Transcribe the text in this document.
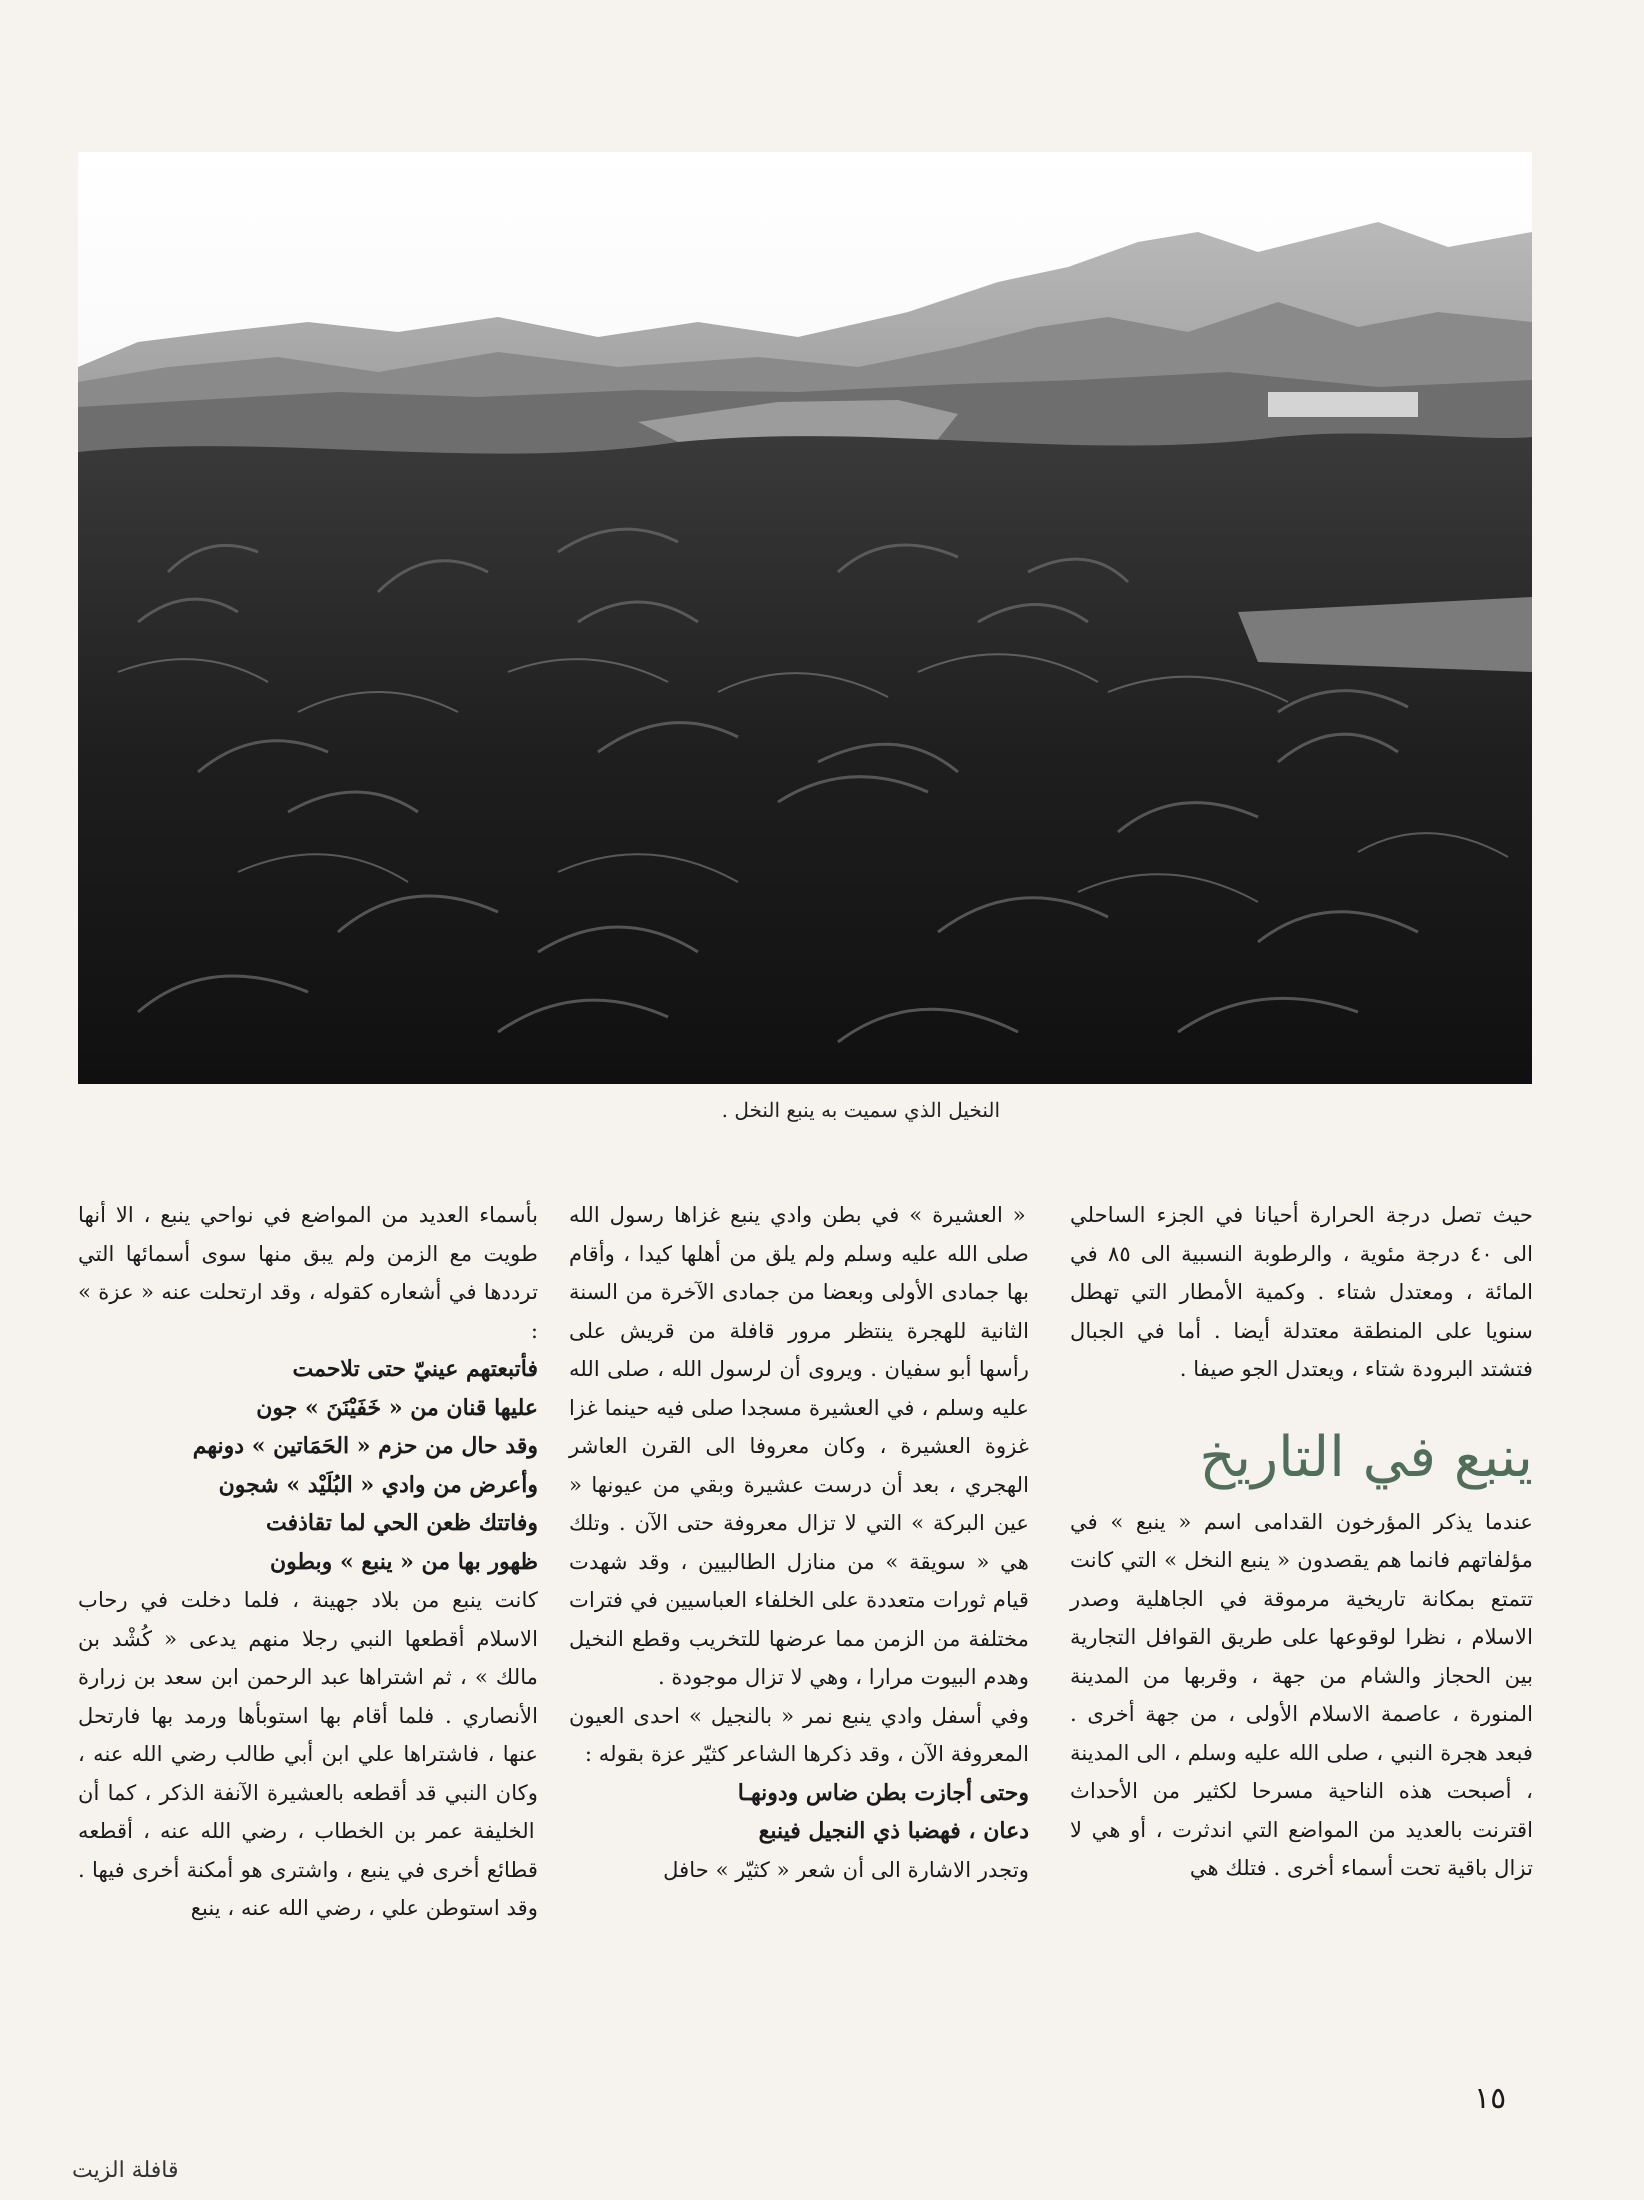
النخيل الذي سميت به ينبع النخل .

حيث تصل درجة الحرارة أحيانا في الجزء الساحلي الى ٤٠ درجة مئوية ، والرطوبة النسبية الى ٨٥ في المائة ، ومعتدل شتاء . وكمية الأمطار التي تهطل سنويا على المنطقة معتدلة أيضا . أما في الجبال فتشتد البرودة شتاء ، ويعتدل الجو صيفا .

ينبع في التاريخ

عندما يذكر المؤرخون القدامى اسم « ينبع » في مؤلفاتهم فانما هم يقصدون « ينبع النخل » التي كانت تتمتع بمكانة تاريخية مرموقة في الجاهلية وصدر الاسلام ، نظرا لوقوعها على طريق القوافل التجارية بين الحجاز والشام من جهة ، وقربها من المدينة المنورة ، عاصمة الاسلام الأولى ، من جهة أخرى . فبعد هجرة النبي ، صلى الله عليه وسلم ، الى المدينة ، أصبحت هذه الناحية مسرحا لكثير من الأحداث اقترنت بالعديد من المواضع التي اندثرت ، أو هي لا تزال باقية تحت أسماء أخرى . فتلك هي

« العشيرة » في بطن وادي ينبع غزاها رسول الله صلى الله عليه وسلم ولم يلق من أهلها كيدا ، وأقام بها جمادى الأولى وبعضا من جمادى الآخرة من السنة الثانية للهجرة ينتظر مرور قافلة من قريش على رأسها أبو سفيان . ويروى أن لرسول الله ، صلى الله عليه وسلم ، في العشيرة مسجدا صلى فيه حينما غزا غزوة العشيرة ، وكان معروفا الى القرن العاشر الهجري ، بعد أن درست عشيرة وبقي من عيونها « عين البركة » التي لا تزال معروفة حتى الآن . وتلك هي « سويقة » من منازل الطالبيين ، وقد شهدت قيام ثورات متعددة على الخلفاء العباسيين في فترات مختلفة من الزمن مما عرضها للتخريب وقطع النخيل وهدم البيوت مرارا ، وهي لا تزال موجودة .

وفي أسفل وادي ينبع نمر « بالنجيل » احدى العيون المعروفة الآن ، وقد ذكرها الشاعر كثيّر عزة بقوله :

وحتى أجازت بطن ضاس ودونهـا
دعان ، فهضبا ذي النجيل فينبع

وتجدر الاشارة الى أن شعر « كثيّر » حافل

بأسماء العديد من المواضع في نواحي ينبع ، الا أنها طويت مع الزمن ولم يبق منها سوى أسمائها التي ترددها في أشعاره كقوله ، وقد ارتحلت عنه « عزة » :

فأتبعتهم عينيّ حتى تلاحمت
عليها قنان من « خَفَيْنَنَ » جون
وقد حال من حزم « الحَمَاتين » دونهم
وأعرض من وادي « البُلَيْد » شجون
وفاتتك ظعن الحي لما تقاذفت
ظهور بها من « ينبع » وبطون

كانت ينبع من بلاد جهينة ، فلما دخلت في رحاب الاسلام أقطعها النبي رجلا منهم يدعى « كُشْد بن مالك » ، ثم اشتراها عبد الرحمن ابن سعد بن زرارة الأنصاري . فلما أقام بها استوبأها ورمد بها فارتحل عنها ، فاشتراها علي ابن أبي طالب رضي الله عنه ، وكان النبي قد أقطعه بالعشيرة الآنفة الذكر ، كما أن الخليفة عمر بن الخطاب ، رضي الله عنه ، أقطعه قطائع أخرى في ينبع ، واشترى هو أمكنة أخرى فيها . وقد استوطن علي ، رضي الله عنه ، ينبع

١٥
قافلة الزيت
